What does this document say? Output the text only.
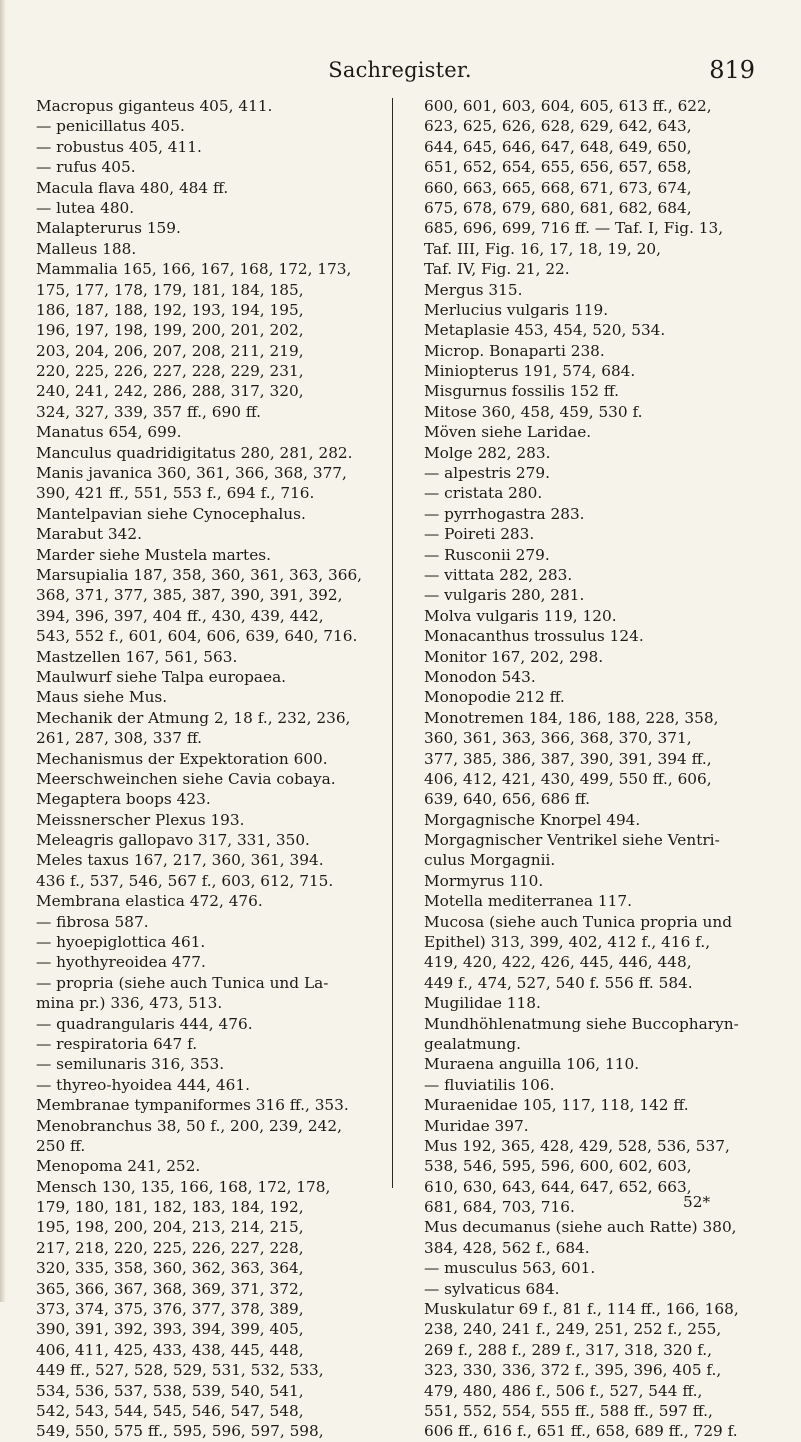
Sachregister.	819
Macropus giganteus 405, 411.
— penicillatus 405.
— robustus 405, 411.
— rufus 405.
Macula flava 480, 484 ff.
— lutea 480.
Malapterurus 159.
Malleus 188.
Mammalia 165, 166, 167, 168, 172, 173,
175, 177, 178, 179, 181, 184, 185,
186, 187, 188, 192, 193, 194, 195,
196, 197, 198, 199, 200, 201, 202,
203, 204, 206, 207, 208, 211, 219,
220, 225, 226, 227, 228, 229, 231,
240, 241, 242, 286, 288, 317, 320,
324, 327, 339, 357 ff., 690 ff.
Manatus 654, 699.
Manculus quadridigitatus 280, 281, 282.
Manis javanica 360, 361, 366, 368, 377,
390, 421 ff., 551, 553 f., 694 f., 716.
Mantelpavian siehe Cynocephalus.
Marabut 342.
Marder siehe Mustela martes.
Marsupialia 187, 358, 360, 361, 363, 366,
368, 371, 377, 385, 387, 390, 391, 392,
394, 396, 397, 404 ff., 430, 439, 442,
543, 552 f., 601, 604, 606, 639, 640, 716.
Mastzellen 167, 561, 563.
Maulwurf siehe Talpa europaea.
Maus siehe Mus.
Mechanik der Atmung 2, 18 f., 232, 236,
261, 287, 308, 337 ff.
Mechanismus der Expektoration 600.
Meerschweinchen siehe Cavia cobaya.
Megaptera boops 423.
Meissnerscher Plexus 193.
Meleagris gallopavo 317, 331, 350.
Meles taxus 167, 217, 360, 361, 394.
436 f., 537, 546, 567 f., 603, 612, 715.
Membrana elastica 472, 476.
— fibrosa 587.
— hyoepiglottica 461.
— hyothyreoidea 477.
— propria (siehe auch Tunica und La-
mina pr.) 336, 473, 513.
— quadrangularis 444, 476.
— respiratoria 647 f.
— semilunaris 316, 353.
— thyreo-hyoidea 444, 461.
Membranae tympaniformes 316 ff., 353.
Menobranchus 38, 50 f., 200, 239, 242,
250 ff.
Menopoma 241, 252.
Mensch 130, 135, 166, 168, 172, 178,
179, 180, 181, 182, 183, 184, 192,
195, 198, 200, 204, 213, 214, 215,
217, 218, 220, 225, 226, 227, 228,
320, 335, 358, 360, 362, 363, 364,
365, 366, 367, 368, 369, 371, 372,
373, 374, 375, 376, 377, 378, 389,
390, 391, 392, 393, 394, 399, 405,
406, 411, 425, 433, 438, 445, 448,
449 ff., 527, 528, 529, 531, 532, 533,
534, 536, 537, 538, 539, 540, 541,
542, 543, 544, 545, 546, 547, 548,
549, 550, 575 ff., 595, 596, 597, 598,
600, 601, 603, 604, 605, 613 ff., 622,
623, 625, 626, 628, 629, 642, 643,
644, 645, 646, 647, 648, 649, 650,
651, 652, 654, 655, 656, 657, 658,
660, 663, 665, 668, 671, 673, 674,
675, 678, 679, 680, 681, 682, 684,
685, 696, 699, 716 ff. — Taf. I, Fig. 13,
Taf. III, Fig. 16, 17, 18, 19, 20,
Taf. IV, Fig. 21, 22.
Mergus 315.
Merlucius vulgaris 119.
Metaplasie 453, 454, 520, 534.
Microp. Bonaparti 238.
Miniopterus 191, 574, 684.
Misgurnus fossilis 152 ff.
Mitose 360, 458, 459, 530 f.
Möven siehe Laridae.
Molge 282, 283.
— alpestris 279.
— cristata 280.
— pyrrhogastra 283.
— Poireti 283.
— Rusconii 279.
— vittata 282, 283.
— vulgaris 280, 281.
Molva vulgaris 119, 120.
Monacanthus trossulus 124.
Monitor 167, 202, 298.
Monodon 543.
Monopodie 212 ff.
Monotremen 184, 186, 188, 228, 358,
360, 361, 363, 366, 368, 370, 371,
377, 385, 386, 387, 390, 391, 394 ff.,
406, 412, 421, 430, 499, 550 ff., 606,
639, 640, 656, 686 ff.
Morgagnische Knorpel 494.
Morgagnischer Ventrikel siehe Ventri-
culus Morgagnii.
Mormyrus 110.
Motella mediterranea 117.
Mucosa (siehe auch Tunica propria und
Epithel) 313, 399, 402, 412 f., 416 f.,
419, 420, 422, 426, 445, 446, 448,
449 f., 474, 527, 540 f. 556 ff. 584.
Mugilidae 118.
Mundhöhlenatmung siehe Buccopharyn-
gealatmung.
Muraena anguilla 106, 110.
— fluviatilis 106.
Muraenidae 105, 117, 118, 142 ff.
Muridae 397.
Mus 192, 365, 428, 429, 528, 536, 537,
538, 546, 595, 596, 600, 602, 603,
610, 630, 643, 644, 647, 652, 663,
681, 684, 703, 716.
Mus decumanus (siehe auch Ratte) 380,
384, 428, 562 f., 684.
— musculus 563, 601.
— sylvaticus 684.
Muskulatur 69 f., 81 f., 114 ff., 166, 168,
238, 240, 241 f., 249, 251, 252 f., 255,
269 f., 288 f., 289 f., 317, 318, 320 f.,
323, 330, 336, 372 f., 395, 396, 405 f.,
479, 480, 486 f., 506 f., 527, 544 ff.,
551, 552, 554, 555 ff., 588 ff., 597 ff.,
606 ff., 616 f., 651 ff., 658, 689 ff., 729 f.
52*
